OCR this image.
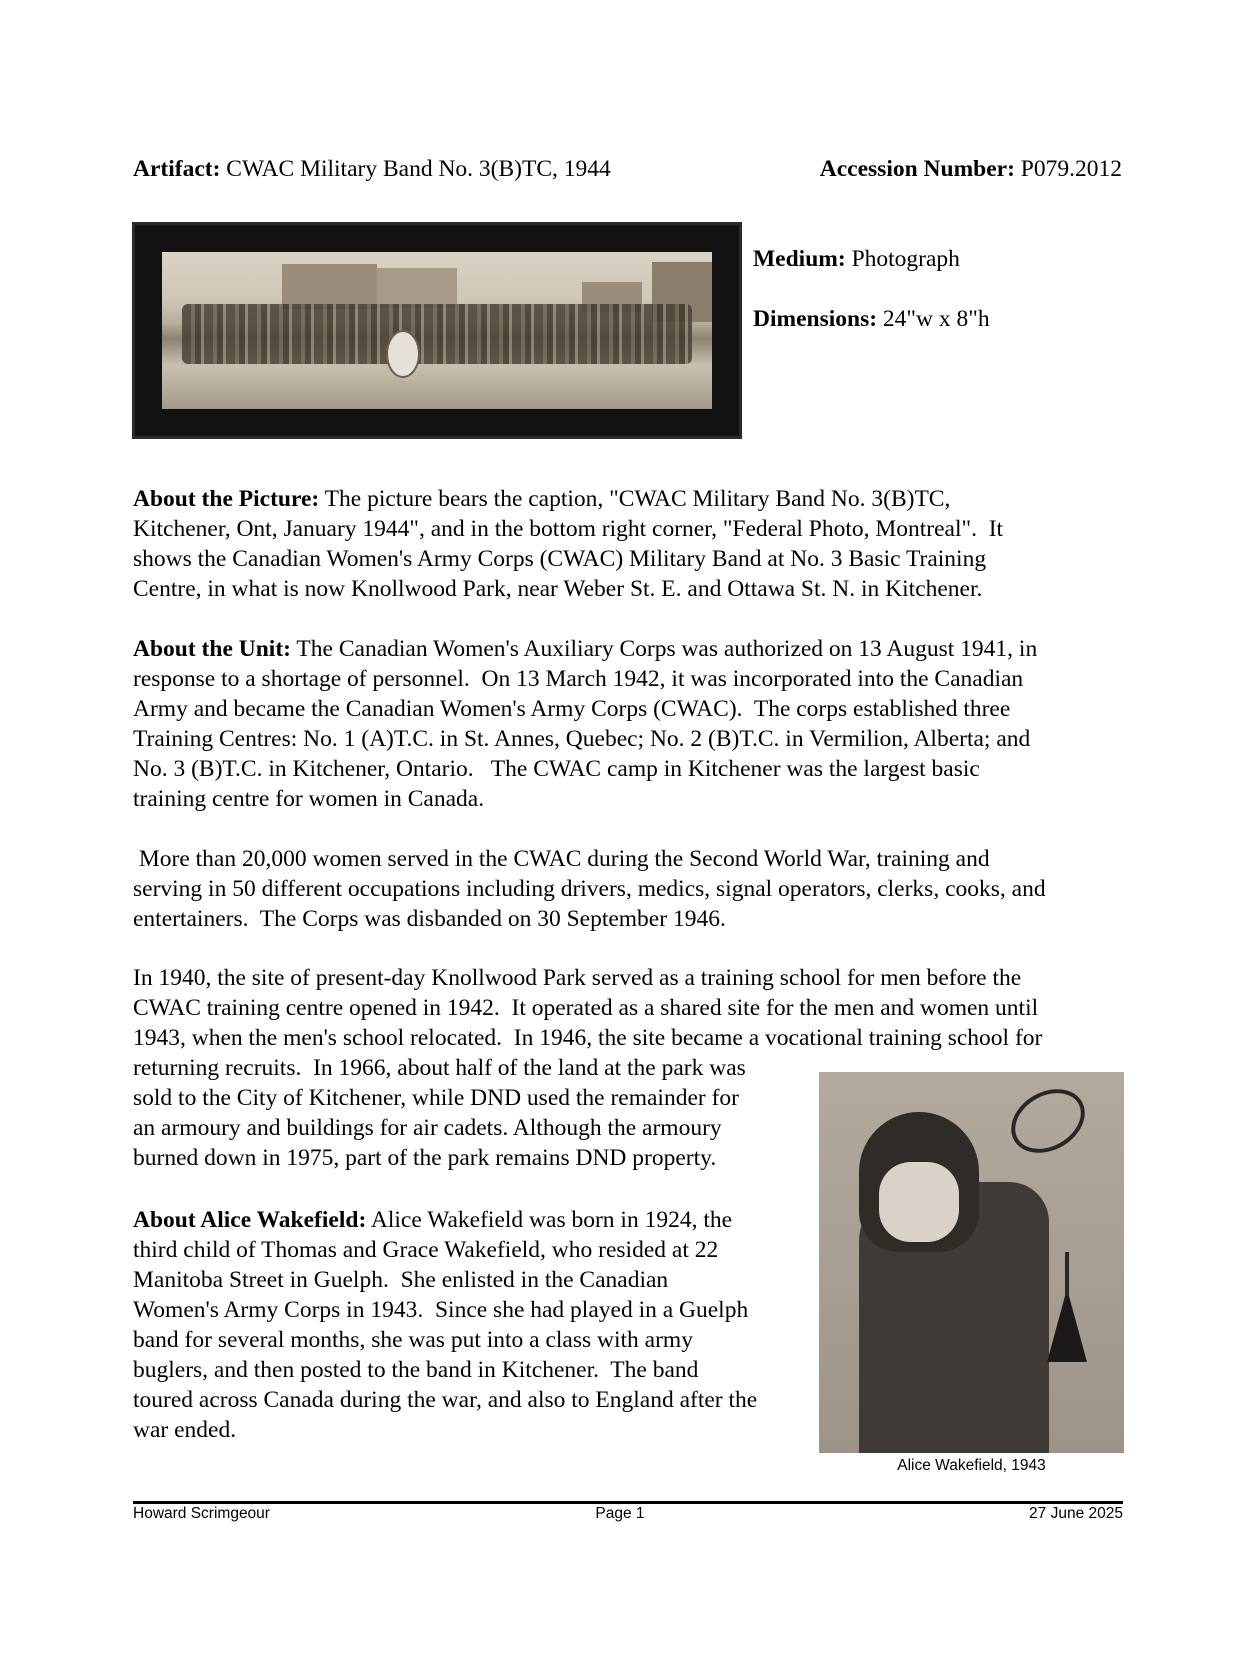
Artifact: CWAC Military Band No. 3(B)TC, 1944	Accession Number: P079.2012
Medium: Photograph
Dimensions: 24"w x 8"h
About the Picture: The picture bears the caption, "CWAC Military Band No. 3(B)TC,
Kitchener, Ont, January 1944", and in the bottom right corner, "Federal Photo, Montreal".  It
shows the Canadian Women's Army Corps (CWAC) Military Band at No. 3 Basic Training
Centre, in what is now Knollwood Park, near Weber St. E. and Ottawa St. N. in Kitchener.
About the Unit: The Canadian Women's Auxiliary Corps was authorized on 13 August 1941, in
response to a shortage of personnel.  On 13 March 1942, it was incorporated into the Canadian
Army and became the Canadian Women's Army Corps (CWAC).  The corps established three
Training Centres: No. 1 (A)T.C. in St. Annes, Quebec; No. 2 (B)T.C. in Vermilion, Alberta; and
No. 3 (B)T.C. in Kitchener, Ontario.   The CWAC camp in Kitchener was the largest basic
training centre for women in Canada.
More than 20,000 women served in the CWAC during the Second World War, training and
serving in 50 different occupations including drivers, medics, signal operators, clerks, cooks, and
entertainers.  The Corps was disbanded on 30 September 1946.
In 1940, the site of present-day Knollwood Park served as a training school for men before the
CWAC training centre opened in 1942.  It operated as a shared site for the men and women until
1943, when the men's school relocated.  In 1946, the site became a vocational training school for
returning recruits.  In 1966, about half of the land at the park was
sold to the City of Kitchener, while DND used the remainder for
an armoury and buildings for air cadets. Although the armoury
burned down in 1975, part of the park remains DND property.
About Alice Wakefield: Alice Wakefield was born in 1924, the
third child of Thomas and Grace Wakefield, who resided at 22
Manitoba Street in Guelph.  She enlisted in the Canadian
Women's Army Corps in 1943.  Since she had played in a Guelph
band for several months, she was put into a class with army
buglers, and then posted to the band in Kitchener.  The band
toured across Canada during the war, and also to England after the
war ended.
Alice Wakefield, 1943
Howard Scrimgeour	Page 1	27 June 2025
